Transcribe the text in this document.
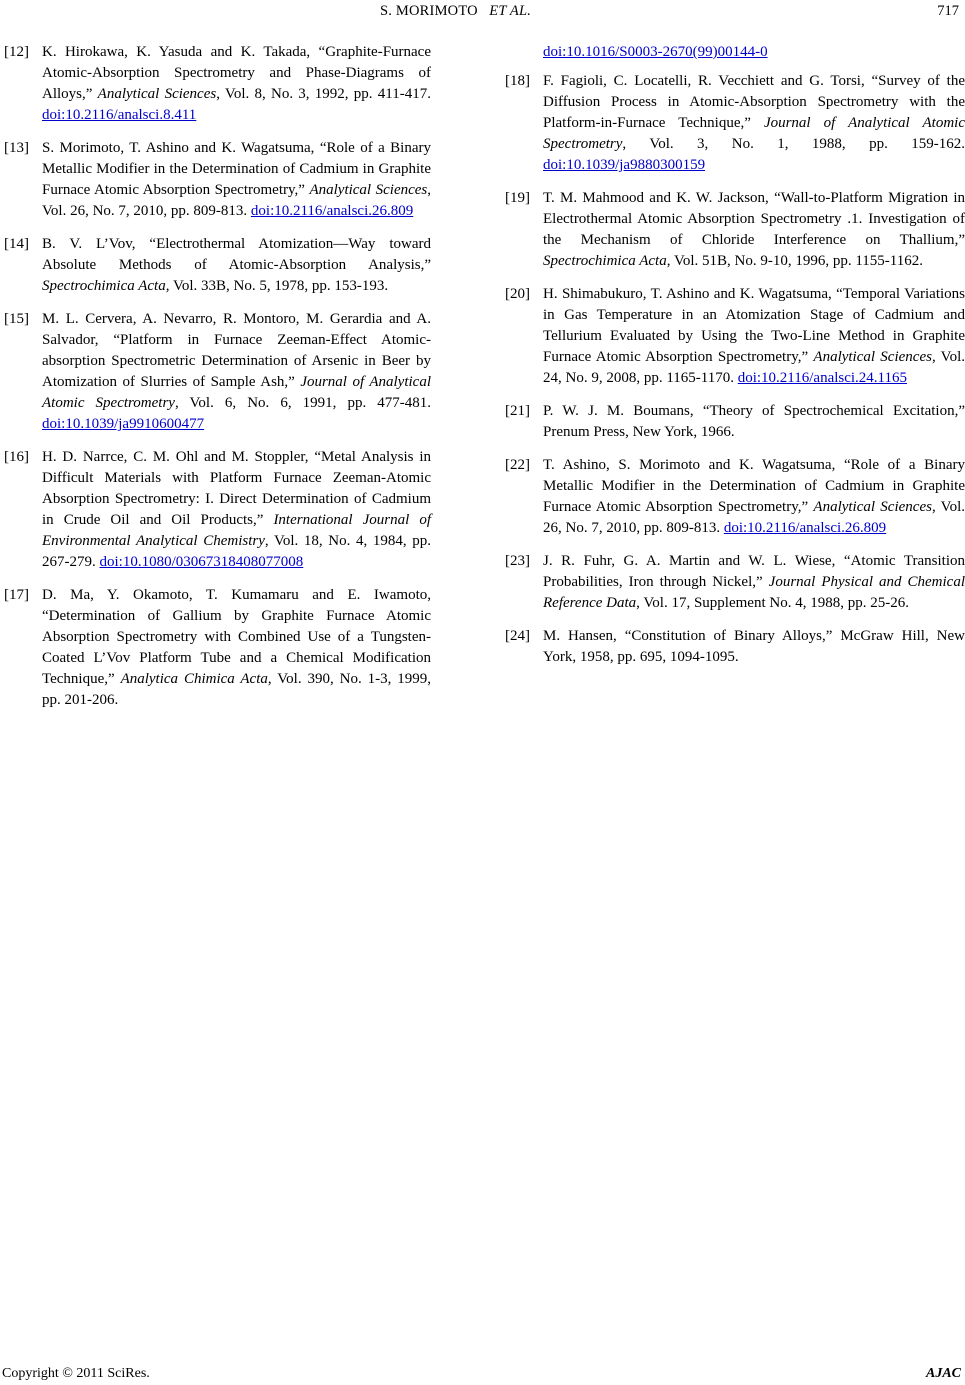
S. MORIMOTO ET AL.	717
[12] K. Hirokawa, K. Yasuda and K. Takada, “Graphite-Furnace Atomic-Absorption Spectrometry and Phase-Diagrams of Alloys,” Analytical Sciences, Vol. 8, No. 3, 1992, pp. 411-417. doi:10.2116/analsci.8.411
[13] S. Morimoto, T. Ashino and K. Wagatsuma, “Role of a Binary Metallic Modifier in the Determination of Cadmium in Graphite Furnace Atomic Absorption Spectrometry,” Analytical Sciences, Vol. 26, No. 7, 2010, pp. 809-813. doi:10.2116/analsci.26.809
[14] B. V. L’Vov, “Electrothermal Atomization—Way toward Absolute Methods of Atomic-Absorption Analysis,” Spectrochimica Acta, Vol. 33B, No. 5, 1978, pp. 153-193.
[15] M. L. Cervera, A. Nevarro, R. Montoro, M. Gerardia and A. Salvador, “Platform in Furnace Zeeman-Effect Atomic-absorption Spectrometric Determination of Arsenic in Beer by Atomization of Slurries of Sample Ash,” Journal of Analytical Atomic Spectrometry, Vol. 6, No. 6, 1991, pp. 477-481. doi:10.1039/ja9910600477
[16] H. D. Narrce, C. M. Ohl and M. Stoppler, “Metal Analysis in Difficult Materials with Platform Furnace Zeeman-Atomic Absorption Spectrometry: I. Direct Determination of Cadmium in Crude Oil and Oil Products,” International Journal of Environmental Analytical Chemistry, Vol. 18, No. 4, 1984, pp. 267-279. doi:10.1080/03067318408077008
[17] D. Ma, Y. Okamoto, T. Kumamaru and E. Iwamoto, “Determination of Gallium by Graphite Furnace Atomic Absorption Spectrometry with Combined Use of a Tungsten-Coated L’Vov Platform Tube and a Chemical Modification Technique,” Analytica Chimica Acta, Vol. 390, No. 1-3, 1999, pp. 201-206.

doi:10.1016/S0003-2670(99)00144-0

[18] F. Fagioli, C. Locatelli, R. Vecchiett and G. Torsi, “Survey of the Diffusion Process in Atomic-Absorption Spectrometry with the Platform-in-Furnace Technique,” Journal of Analytical Atomic Spectrometry, Vol. 3, No. 1, 1988, pp. 159-162. doi:10.1039/ja9880300159
[19] T. M. Mahmood and K. W. Jackson, “Wall-to-Platform Migration in Electrothermal Atomic Absorption Spectrometry .1. Investigation of the Mechanism of Chloride Interference on Thallium,” Spectrochimica Acta, Vol. 51B, No. 9-10, 1996, pp. 1155-1162.
[20] H. Shimabukuro, T. Ashino and K. Wagatsuma, “Temporal Variations in Gas Temperature in an Atomization Stage of Cadmium and Tellurium Evaluated by Using the Two-Line Method in Graphite Furnace Atomic Absorption Spectrometry,” Analytical Sciences, Vol. 24, No. 9, 2008, pp. 1165-1170. doi:10.2116/analsci.24.1165
[21] P. W. J. M. Boumans, “Theory of Spectrochemical Excitation,” Prenum Press, New York, 1966.
[22] T. Ashino, S. Morimoto and K. Wagatsuma, “Role of a Binary Metallic Modifier in the Determination of Cadmium in Graphite Furnace Atomic Absorption Spectrometry,” Analytical Sciences, Vol. 26, No. 7, 2010, pp. 809-813. doi:10.2116/analsci.26.809
[23] J. R. Fuhr, G. A. Martin and W. L. Wiese, “Atomic Transition Probabilities, Iron through Nickel,” Journal Physical and Chemical Reference Data, Vol. 17, Supplement No. 4, 1988, pp. 25-26.
[24] M. Hansen, “Constitution of Binary Alloys,” McGraw Hill, New York, 1958, pp. 695, 1094-1095.
Copyright © 2011 SciRes.	AJAC
